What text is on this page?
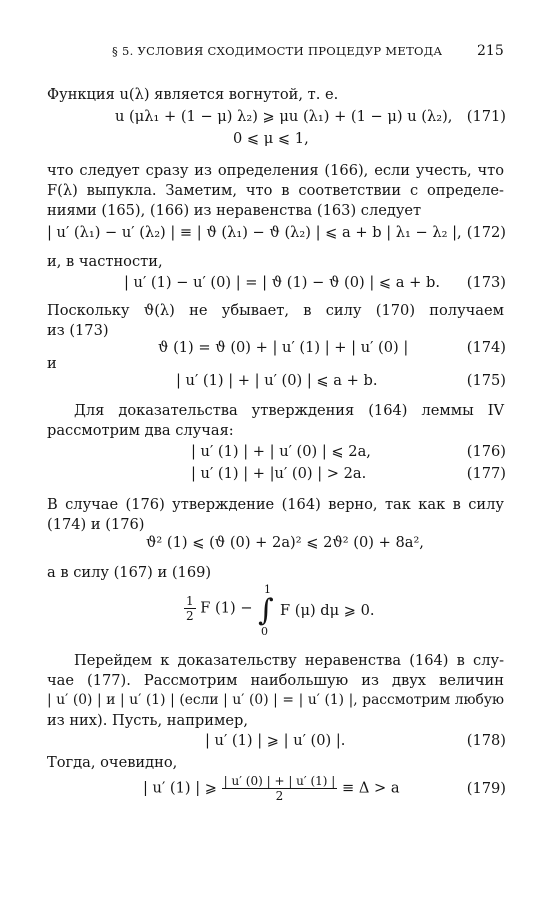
§ 5. УСЛОВИЯ СХОДИМОСТИ ПРОЦЕДУР МЕТОДА 215
Функция u(λ) является вогнутой, т. е.
u (μλ₁ + (1 − μ) λ₂) ⩾ μu (λ₁) + (1 − μ) u (λ₂), (171)
0 ⩽ μ ⩽ 1,
что следует сразу из определения (166), если учесть, что
F(λ) выпукла. Заметим, что в соответствии с определе-
ниями (165), (166) из неравенства (163) следует
| u′ (λ₁) − u′ (λ₂) | ≡ | ϑ (λ₁) − ϑ (λ₂) | ⩽ a + b | λ₁ − λ₂ |, (172)
и, в частности,
| u′ (1) − u′ (0) | = | ϑ (1) − ϑ (0) | ⩽ a + b.	(173)
Поскольку ϑ(λ) не убывает, в силу (170) получаем
из (173)
ϑ (1) = ϑ (0) + | u′ (1) | + | u′ (0) |	(174)
и
| u′ (1) | + | u′ (0) | ⩽ a + b.	(175)
Для доказательства утверждения (164) леммы IV
рассмотрим два случая:
| u′ (1) | + | u′ (0) | ⩽ 2a,	(176)
| u′ (1) | + |u′ (0) | > 2a.	(177)
В случае (176) утверждение (164) верно, так как в силу
(174) и (176)
ϑ² (1) ⩽ (ϑ (0) + 2a)² ⩽ 2ϑ² (0) + 8a²,
а в силу (167) и (169)
$\frac{1}{2}$ F (1) −
1
∫
0
F (μ) dμ ⩾ 0.
Перейдем к доказательству неравенства (164) в слу-
чае (177). Рассмотрим наибольшую из двух величин
| u′ (0) | и | u′ (1) | (если | u′ (0) | = | u′ (1) |, рассмотрим любую
из них). Пусть, например,
| u′ (1) | ⩾ | u′ (0) |.	(178)
Тогда, очевидно,
| u′ (1) | ⩾ $\frac{| u' (0) | + | u' (1) |}{2} \equiv \Delta > a$	(179)
